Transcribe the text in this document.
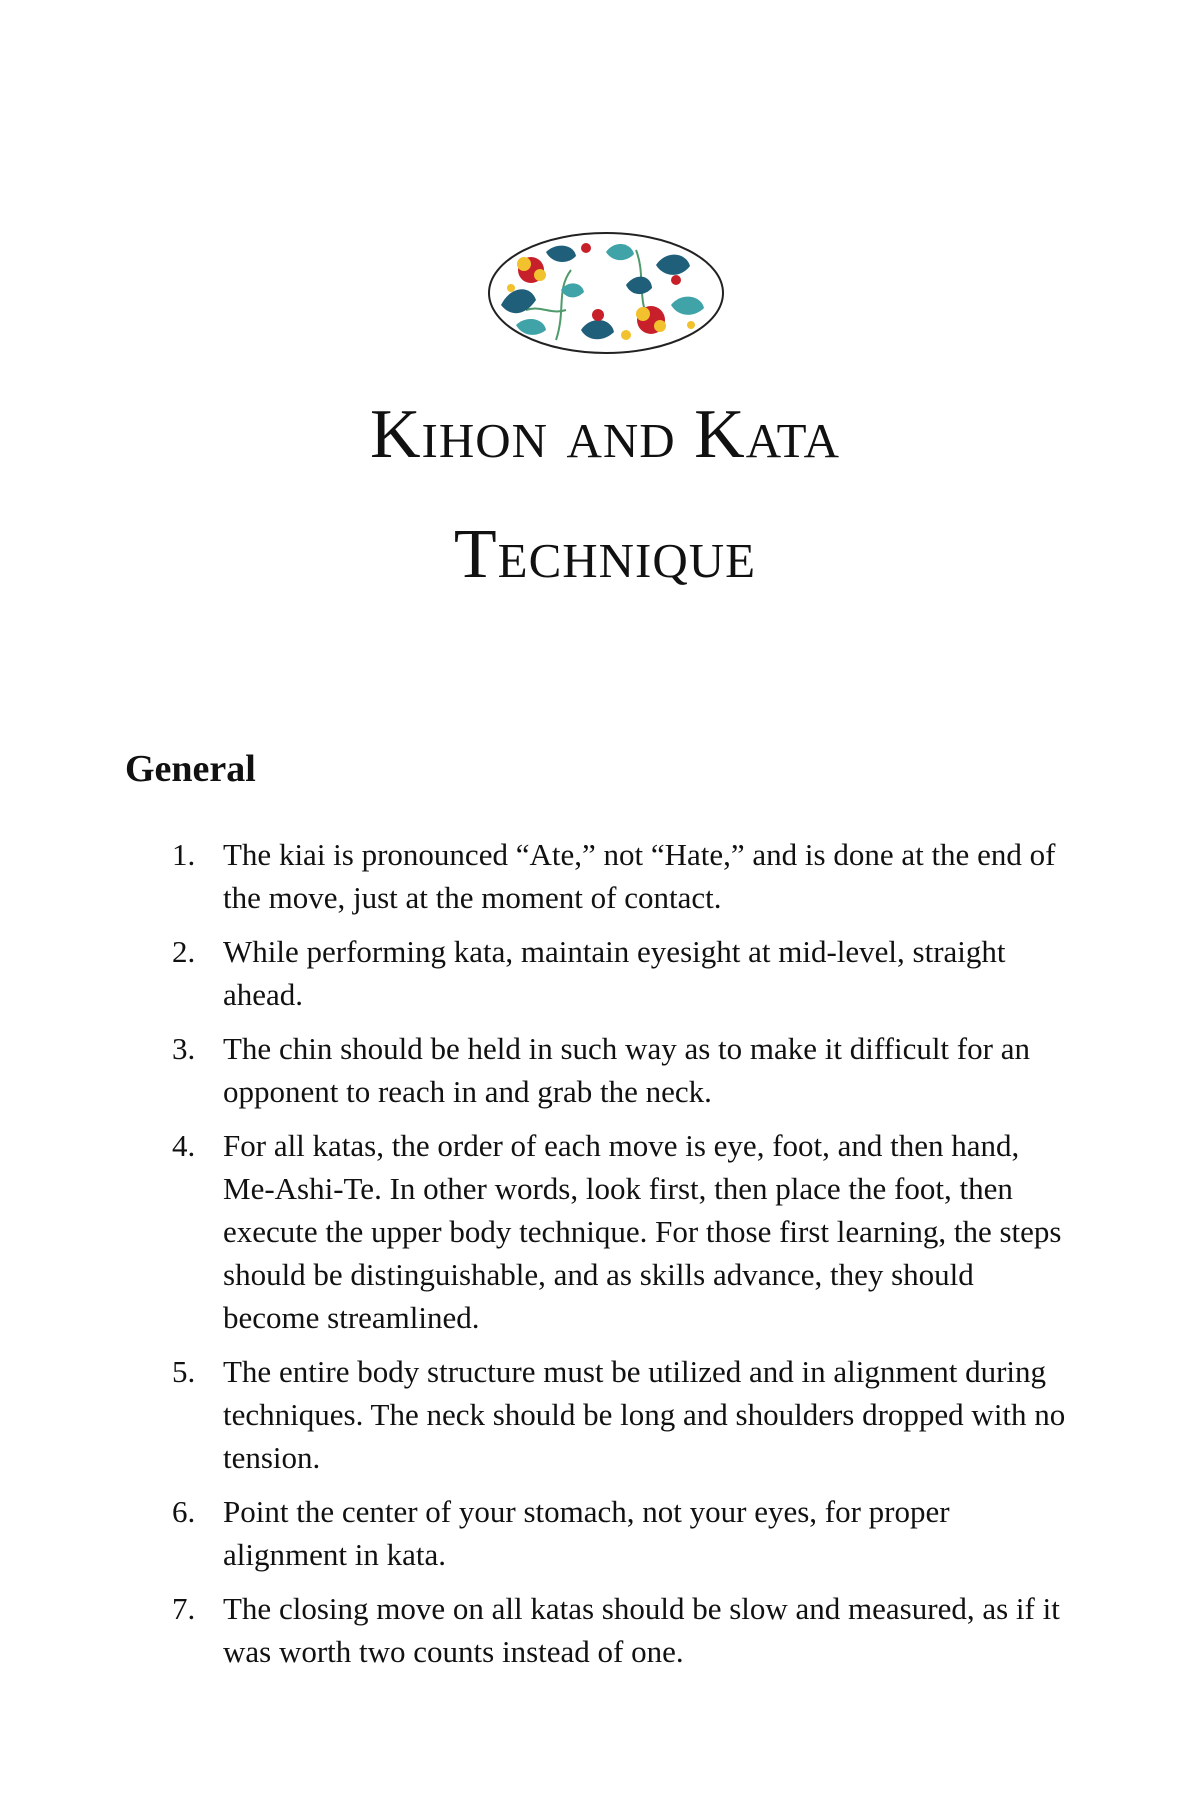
Kihon and Kata
Technique
General
1. The kiai is pronounced “Ate,” not “Hate,” and is done at the end of the move, just at the moment of contact.
2. While performing kata, maintain eyesight at mid-level, straight ahead.
3. The chin should be held in such way as to make it difficult for an opponent to reach in and grab the neck.
4. For all katas, the order of each move is eye, foot, and then hand, Me-Ashi-Te. In other words, look first, then place the foot, then execute the upper body technique. For those first learning, the steps should be distinguishable, and as skills advance, they should become streamlined.
5. The entire body structure must be utilized and in alignment during techniques. The neck should be long and shoulders dropped with no tension.
6. Point the center of your stomach, not your eyes, for proper alignment in kata.
7. The closing move on all katas should be slow and measured, as if it was worth two counts instead of one.
